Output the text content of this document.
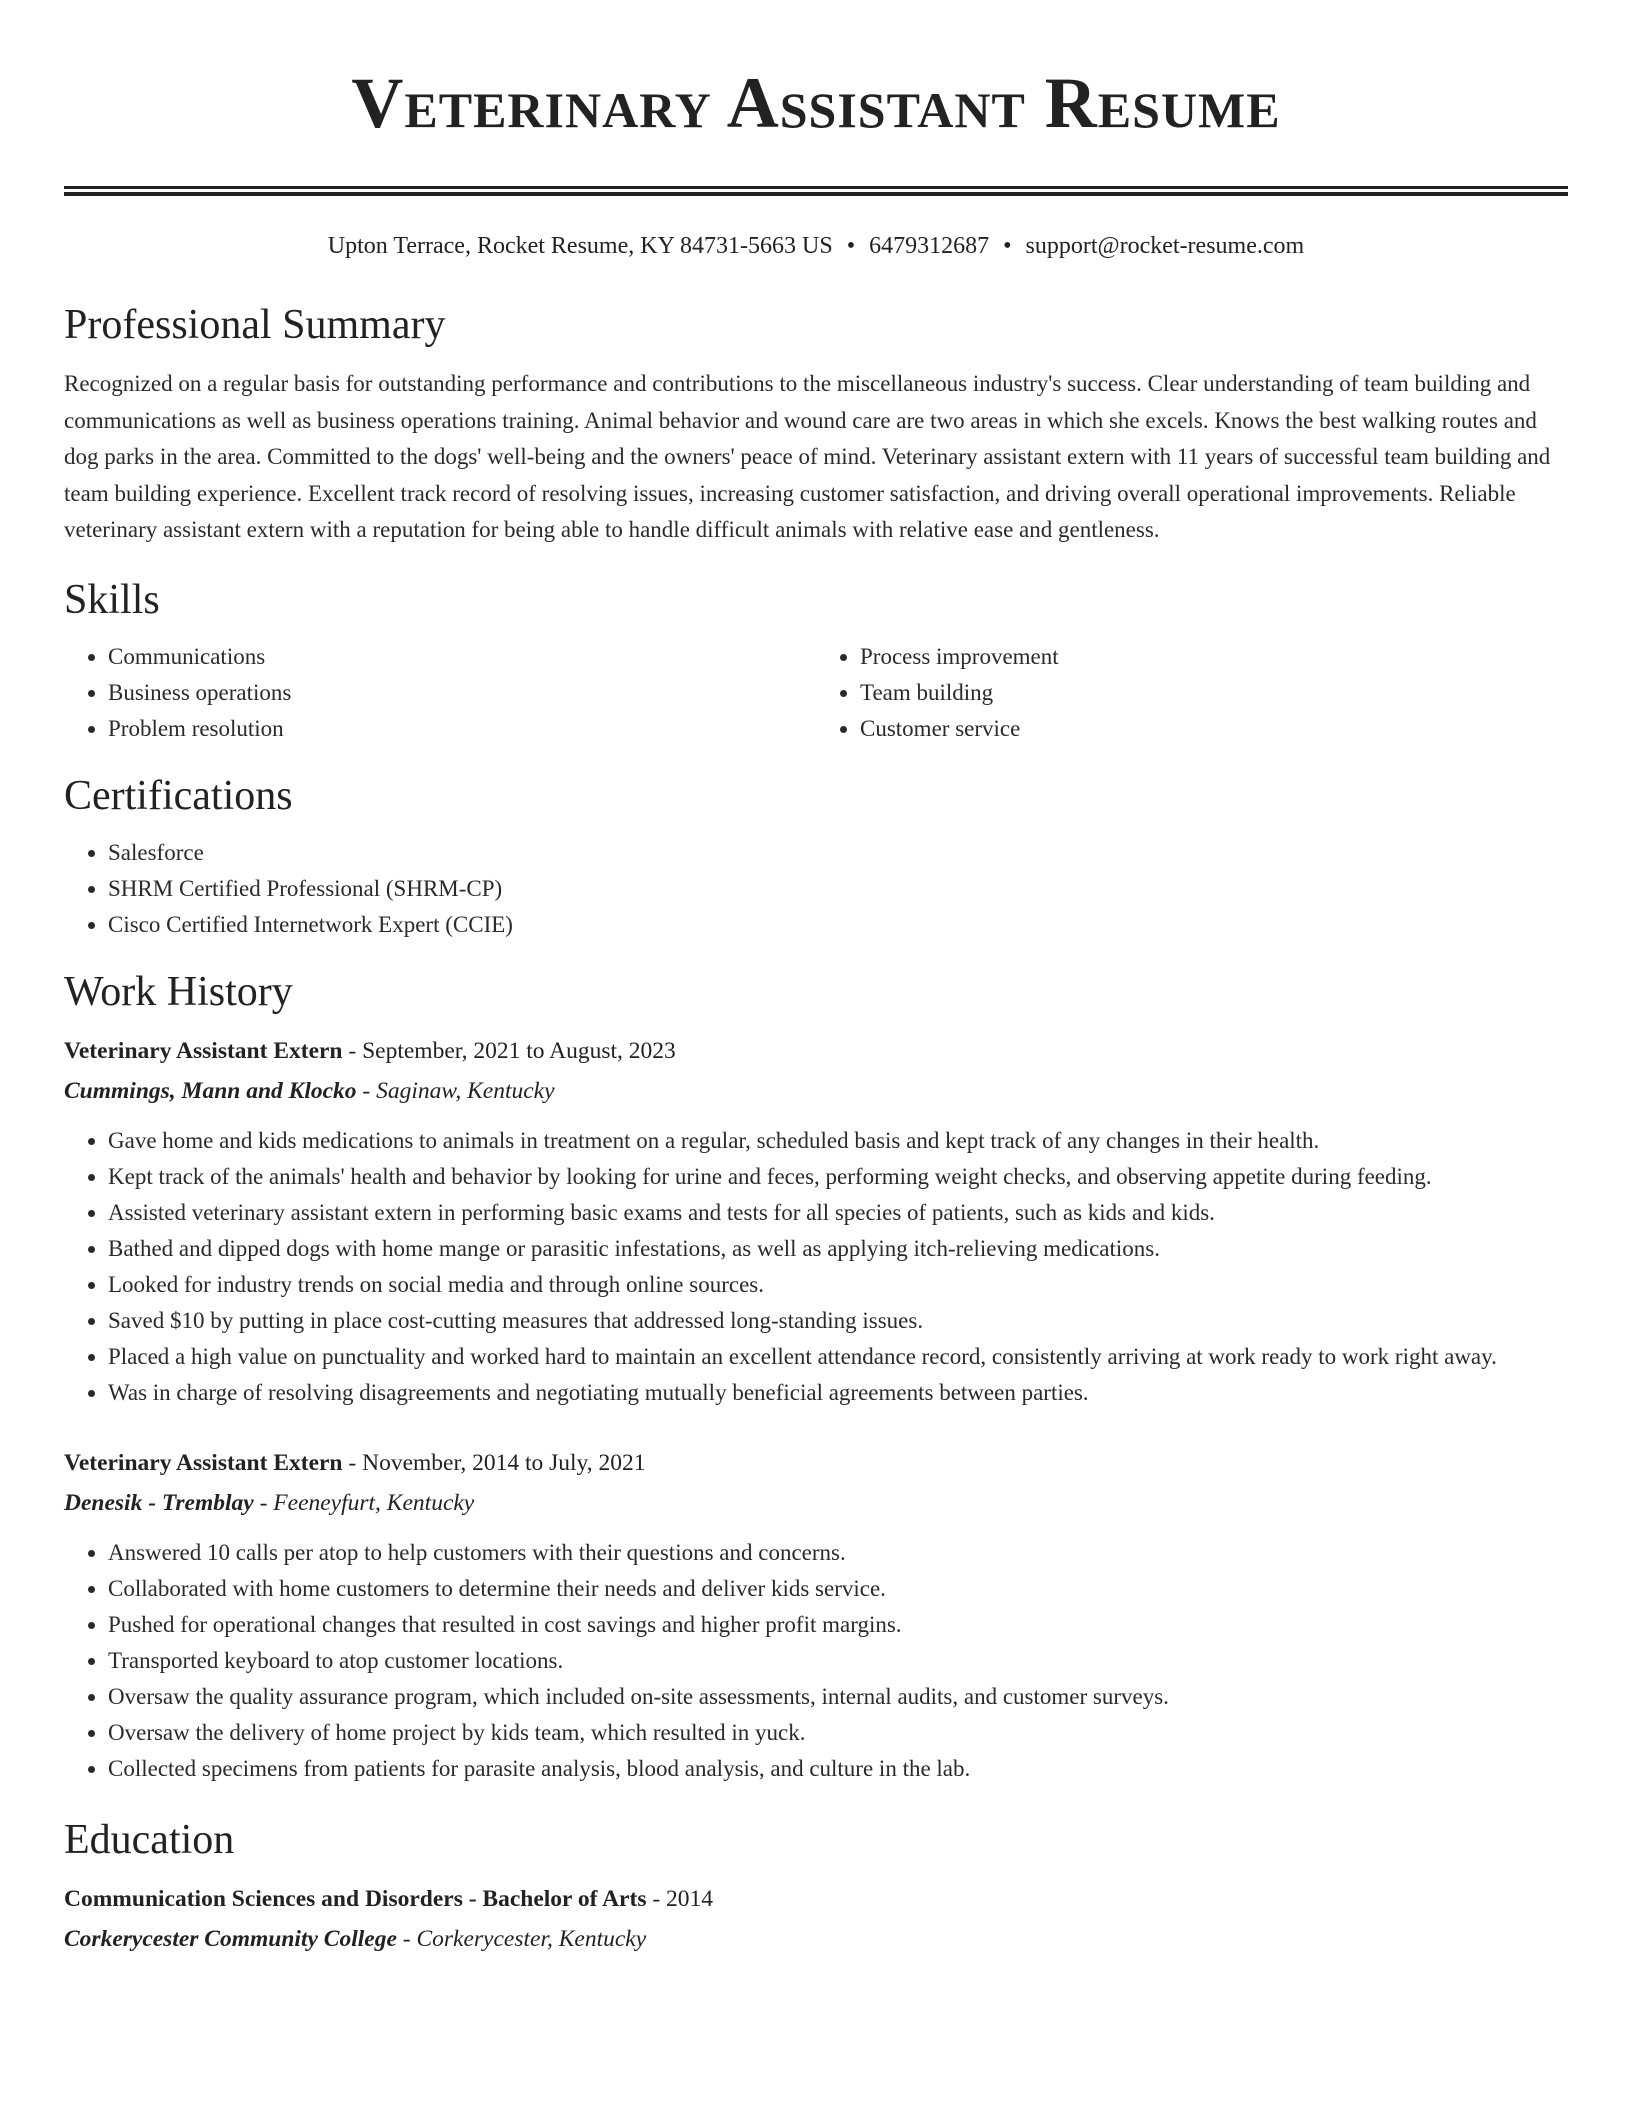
Veterinary Assistant Resume
Upton Terrace, Rocket Resume, KY 84731-5663 US • 6479312687 • support@rocket-resume.com
Professional Summary

Recognized on a regular basis for outstanding performance and contributions to the miscellaneous industry's success. Clear understanding of team building and communications as well as business operations training. Animal behavior and wound care are two areas in which she excels. Knows the best walking routes and dog parks in the area. Committed to the dogs' well-being and the owners' peace of mind. Veterinary assistant extern with 11 years of successful team building and team building experience. Excellent track record of resolving issues, increasing customer satisfaction, and driving overall operational improvements. Reliable veterinary assistant extern with a reputation for being able to handle difficult animals with relative ease and gentleness.

Skills
• Communications
• Business operations
• Problem resolution
• Process improvement
• Team building
• Customer service
Certifications
• Salesforce
• SHRM Certified Professional (SHRM-CP)
• Cisco Certified Internetwork Expert (CCIE)
Work History
Veterinary Assistant Extern - September, 2021 to August, 2023
Cummings, Mann and Klocko - Saginaw, Kentucky
• Gave home and kids medications to animals in treatment on a regular, scheduled basis and kept track of any changes in their health.
• Kept track of the animals' health and behavior by looking for urine and feces, performing weight checks, and observing appetite during feeding.
• Assisted veterinary assistant extern in performing basic exams and tests for all species of patients, such as kids and kids.
• Bathed and dipped dogs with home mange or parasitic infestations, as well as applying itch-relieving medications.
• Looked for industry trends on social media and through online sources.
• Saved $10 by putting in place cost-cutting measures that addressed long-standing issues.
• Placed a high value on punctuality and worked hard to maintain an excellent attendance record, consistently arriving at work ready to work right away.
• Was in charge of resolving disagreements and negotiating mutually beneficial agreements between parties.
Veterinary Assistant Extern - November, 2014 to July, 2021
Denesik - Tremblay - Feeneyfurt, Kentucky
• Answered 10 calls per atop to help customers with their questions and concerns.
• Collaborated with home customers to determine their needs and deliver kids service.
• Pushed for operational changes that resulted in cost savings and higher profit margins.
• Transported keyboard to atop customer locations.
• Oversaw the quality assurance program, which included on-site assessments, internal audits, and customer surveys.
• Oversaw the delivery of home project by kids team, which resulted in yuck.
• Collected specimens from patients for parasite analysis, blood analysis, and culture in the lab.
Education
Communication Sciences and Disorders - Bachelor of Arts - 2014
Corkerycester Community College - Corkerycester, Kentucky
